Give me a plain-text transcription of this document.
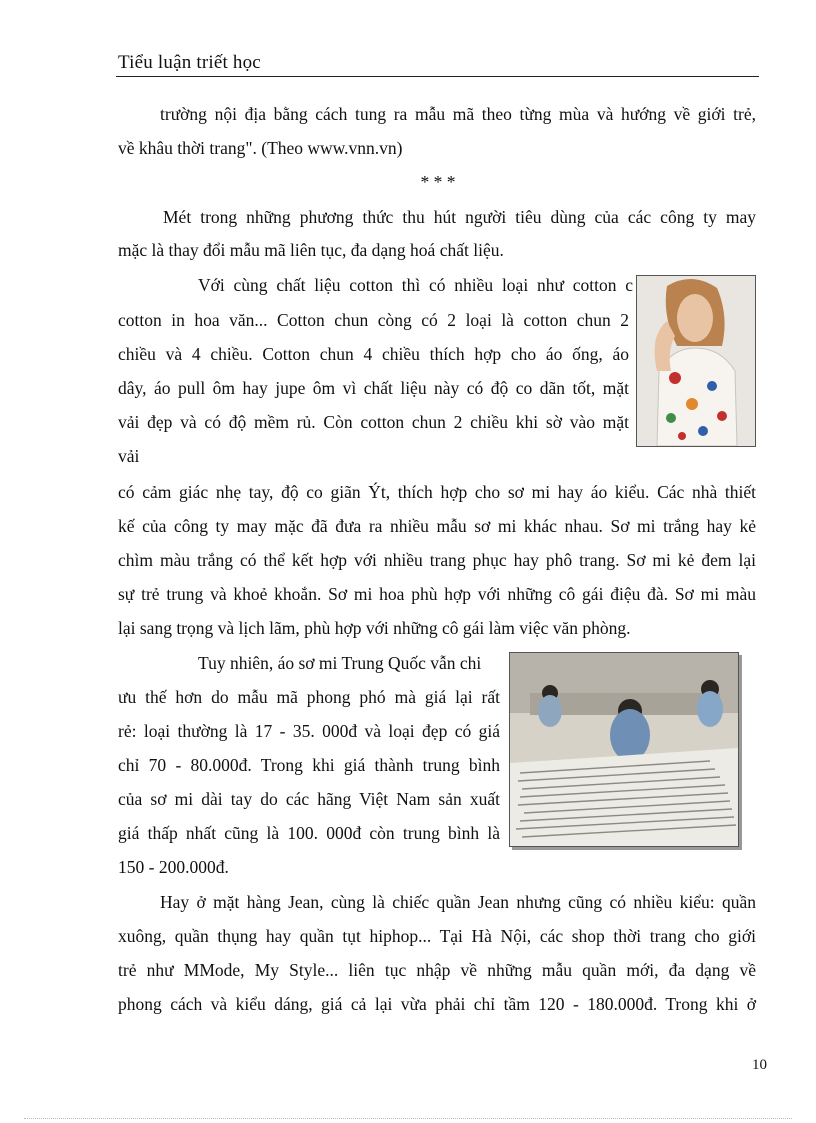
Tiểu luận triết học
trường nội địa bằng cách tung ra mẫu mã theo từng mùa và hướng về giới trẻ,
về khâu thời trang". (Theo www.vnn.vn)
* * *
Mét trong những phương thức thu hút người tiêu dùng của các công ty may
mặc là thay đổi mẫu mã liên tục, đa dạng hoá chất liệu.
Với cùng chất liệu cotton thì có nhiều loại như cotton c
cotton in hoa văn... Cotton chun còng có 2 loại là cotton chun 2
chiều và 4 chiều. Cotton chun 4 chiều thích hợp cho áo ống, áo
dây, áo pull ôm hay jupe ôm vì chất liệu này có độ co dãn tốt, mặt
vải đẹp và có độ mềm rủ. Còn cotton chun 2 chiều khi sờ vào mặt
vải
có cảm giác nhẹ tay, độ co giãn Ýt, thích hợp cho sơ mi hay áo kiểu. Các nhà thiết
kế của công ty may mặc đã đưa ra nhiều mẫu sơ mi khác nhau. Sơ mi trắng hay kẻ
chìm màu trắng có thể kết hợp với nhiều trang phục hay phô trang. Sơ mi kẻ đem lại
sự trẻ trung và khoẻ khoắn. Sơ mi hoa phù hợp với những cô gái điệu đà. Sơ mi màu
lại sang trọng và lịch lãm, phù hợp với những cô gái làm việc văn phòng.
Tuy nhiên, áo sơ mi Trung Quốc vẫn chi
ưu thế hơn do mẫu mã phong phó mà giá lại rất
rẻ: loại thường là 17 - 35. 000đ và loại đẹp có giá
chỉ 70 - 80.000đ. Trong khi giá thành trung bình
của sơ mi dài tay do các hãng Việt Nam sản xuất
giá thấp nhất cũng là 100. 000đ còn trung bình là
150 - 200.000đ.
Hay ở mặt hàng Jean, cùng là chiếc quần Jean nhưng cũng có nhiều kiểu: quần
xuông, quần thụng hay quần tụt hiphop... Tại Hà Nội, các shop thời trang cho giới
trẻ như MMode, My Style... liên tục nhập về những mẫu quần mới, đa dạng về
phong cách và kiểu dáng, giá cả lại vừa phải chỉ tầm 120 - 180.000đ. Trong khi ở
10
